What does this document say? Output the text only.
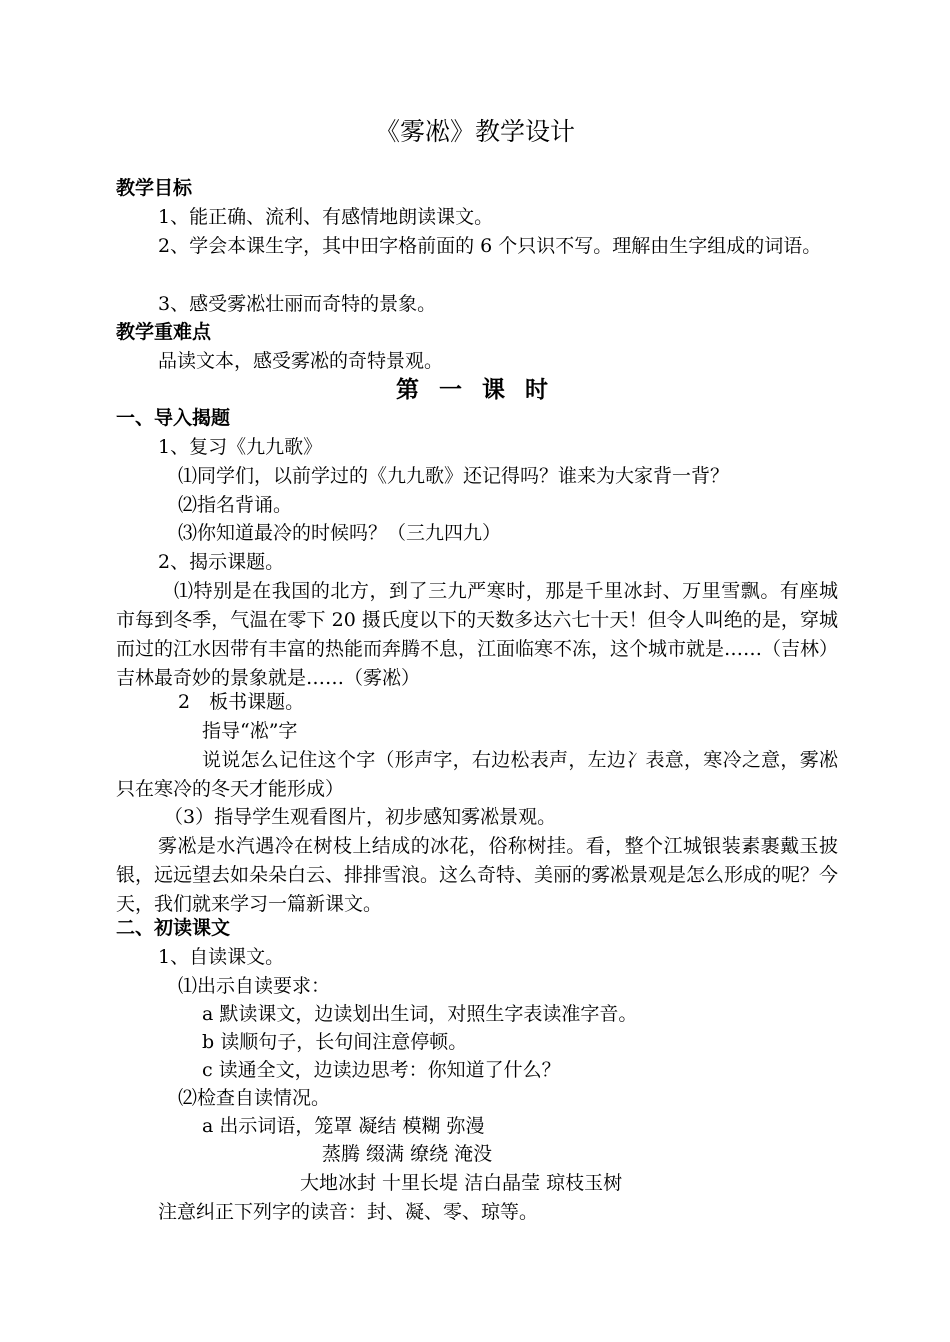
《雾凇》教学设计
教学目标
1、能正确、流利、有感情地朗读课文。
2、学会本课生字，其中田字格前面的 6 个只识不写。理解由生字组成的词语。
3、感受雾凇壮丽而奇特的景象。
教学重难点
品读文本，感受雾凇的奇特景观。
第 一 课 时
一、导入揭题
1、复习《九九歌》
⑴同学们，以前学过的《九九歌》还记得吗？谁来为大家背一背？
⑵指名背诵。
⑶你知道最冷的时候吗？（三九四九）
2、揭示课题。
⑴特别是在我国的北方，到了三九严寒时，那是千里冰封、万里雪飘。有座城市每到冬季，气温在零下 20 摄氏度以下的天数多达六七十天！但令人叫绝的是，穿城而过的江水因带有丰富的热能而奔腾不息，江面临寒不冻，这个城市就是……（吉林）吉林最奇妙的景象就是……（雾凇）
2　板书课题。
指导“凇”字
说说怎么记住这个字（形声字，右边松表声，左边冫表意，寒冷之意，雾凇只在寒冷的冬天才能形成）
（3）指导学生观看图片，初步感知雾凇景观。
雾凇是水汽遇冷在树枝上结成的冰花，俗称树挂。看，整个江城银装素裹戴玉披银，远远望去如朵朵白云、排排雪浪。这么奇特、美丽的雾凇景观是怎么形成的呢？今天，我们就来学习一篇新课文。
二、初读课文
1、自读课文。
⑴出示自读要求：
a 默读课文，边读划出生词，对照生字表读准字音。
b 读顺句子，长句间注意停顿。
c 读通全文，边读边思考：你知道了什么？
⑵检查自读情况。
a 出示词语，笼罩 凝结 模糊 弥漫
蒸腾 缀满 缭绕 淹没
大地冰封 十里长堤 洁白晶莹 琼枝玉树
注意纠正下列字的读音：封、凝、零、琼等。
